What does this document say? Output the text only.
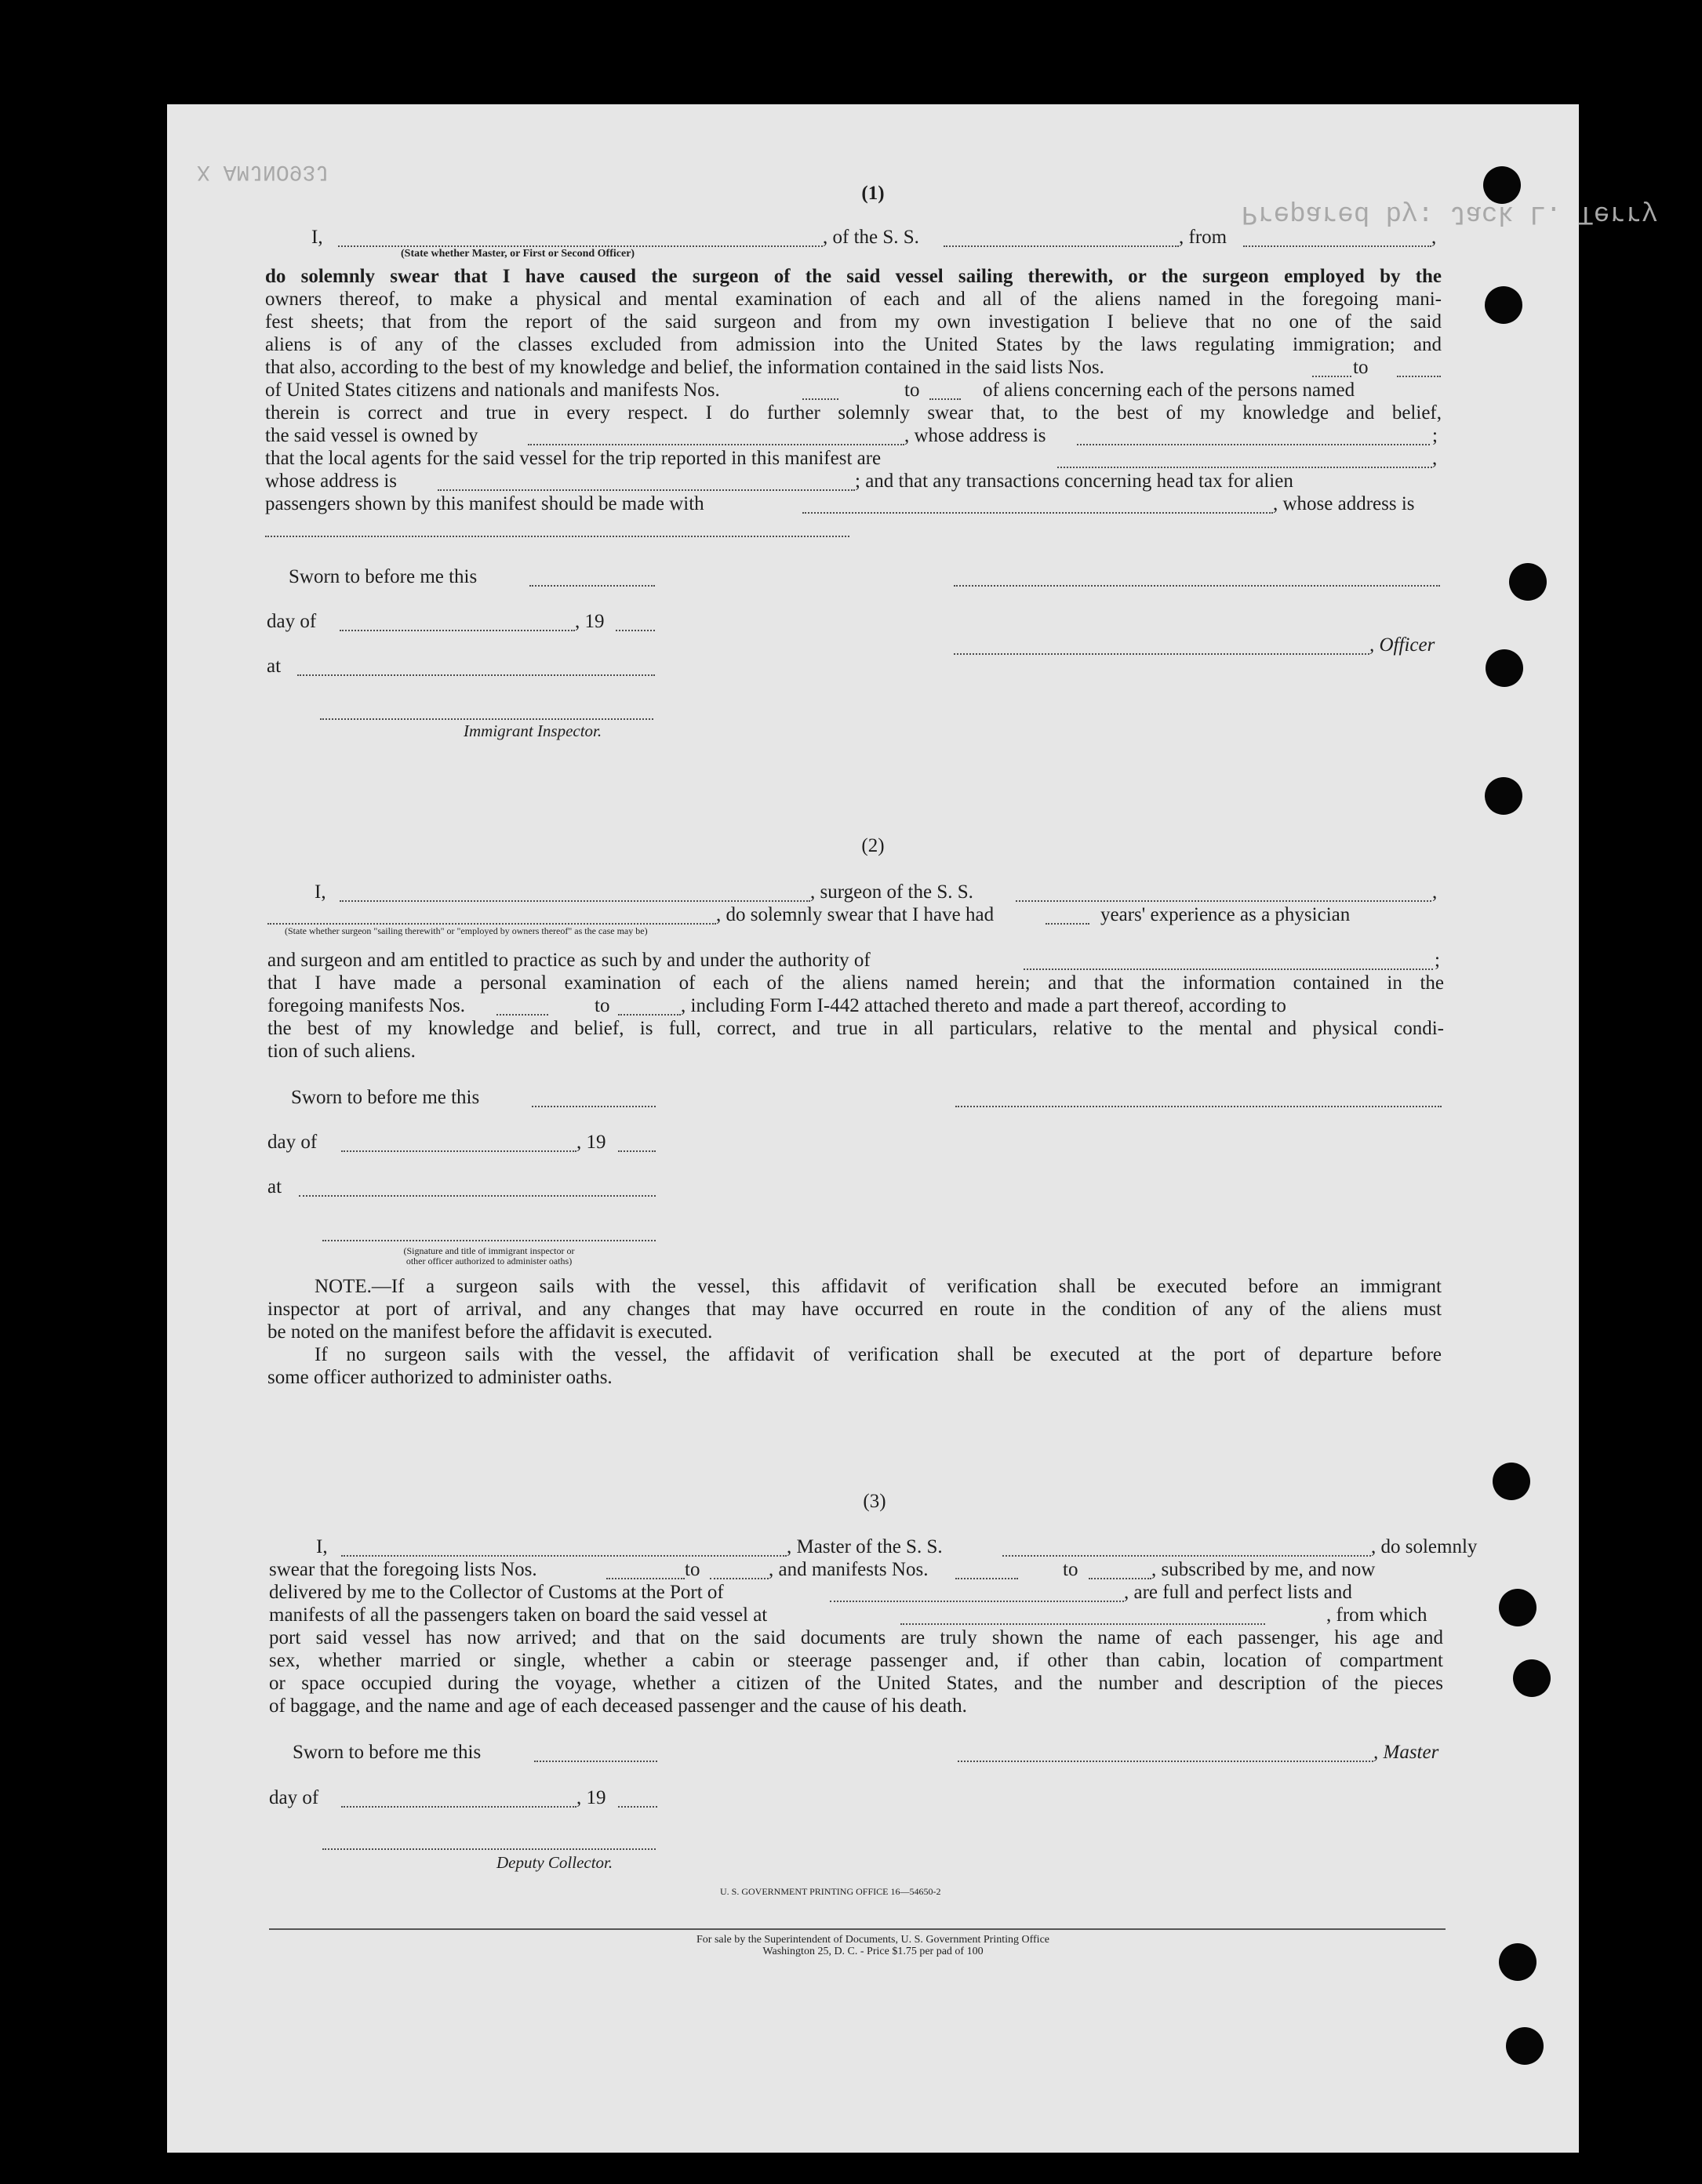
Prepared by: Jack L. Terry
X AMJNO93J
(1)
I,	, of the S. S.	, from	,
(State whether Master, or First or Second Officer)
do solemnly swear that I have caused the surgeon of the said vessel sailing therewith, or the surgeon employed by the
owners thereof, to make a physical and mental examination of each and all of the aliens named in the foregoing mani-
fest sheets; that from the report of the said surgeon and from my own investigation I believe that no one of the said
aliens is of any of the classes excluded from admission into the United States by the laws regulating immigration; and
that also, according to the best of my knowledge and belief, the information contained in the said lists Nos.	to
of United States citizens and nationals and manifests Nos.	to	of aliens concerning each of the persons named
therein is correct and true in every respect. I do further solemnly swear that, to the best of my knowledge and belief,
the said vessel is owned by	, whose address is	;
that the local agents for the said vessel for the trip reported in this manifest are	,
whose address is	; and that any transactions concerning head tax for alien
passengers shown by this manifest should be made with	, whose address is
Sworn to before me this
day of	, 19
, Officer
at
Immigrant Inspector.
(2)
I,	, surgeon of the S. S.	,
, do solemnly swear that I have had	years' experience as a physician
(State whether surgeon "sailing therewith" or "employed by owners thereof" as the case may be)
and surgeon and am entitled to practice as such by and under the authority of	;
that I have made a personal examination of each of the aliens named herein; and that the information contained in the
foregoing manifests Nos.	to	, including Form I-442 attached thereto and made a part thereof, according to
the best of my knowledge and belief, is full, correct, and true in all particulars, relative to the mental and physical condi-
tion of such aliens.
Sworn to before me this
day of	, 19
at
(Signature and title of immigrant inspector or
other officer authorized to administer oaths)
NOTE.—If a surgeon sails with the vessel, this affidavit of verification shall be executed before an immigrant
inspector at port of arrival, and any changes that may have occurred en route in the condition of any of the aliens must
be noted on the manifest before the affidavit is executed.
If no surgeon sails with the vessel, the affidavit of verification shall be executed at the port of departure before
some officer authorized to administer oaths.
(3)
I,	, Master of the S. S.	, do solemnly
swear that the foregoing lists Nos.	to	, and manifests Nos.	to	, subscribed by me, and now
delivered by me to the Collector of Customs at the Port of	, are full and perfect lists and
manifests of all the passengers taken on board the said vessel at	, from which
port said vessel has now arrived; and that on the said documents are truly shown the name of each passenger, his age and
sex, whether married or single, whether a cabin or steerage passenger and, if other than cabin, location of compartment
or space occupied during the voyage, whether a citizen of the United States, and the number and description of the pieces
of baggage, and the name and age of each deceased passenger and the cause of his death.
Sworn to before me this	, Master
day of	, 19
Deputy Collector.
U. S. GOVERNMENT PRINTING OFFICE 16—54650-2
For sale by the Superintendent of Documents, U. S. Government Printing Office
Washington 25, D. C. - Price $1.75 per pad of 100
